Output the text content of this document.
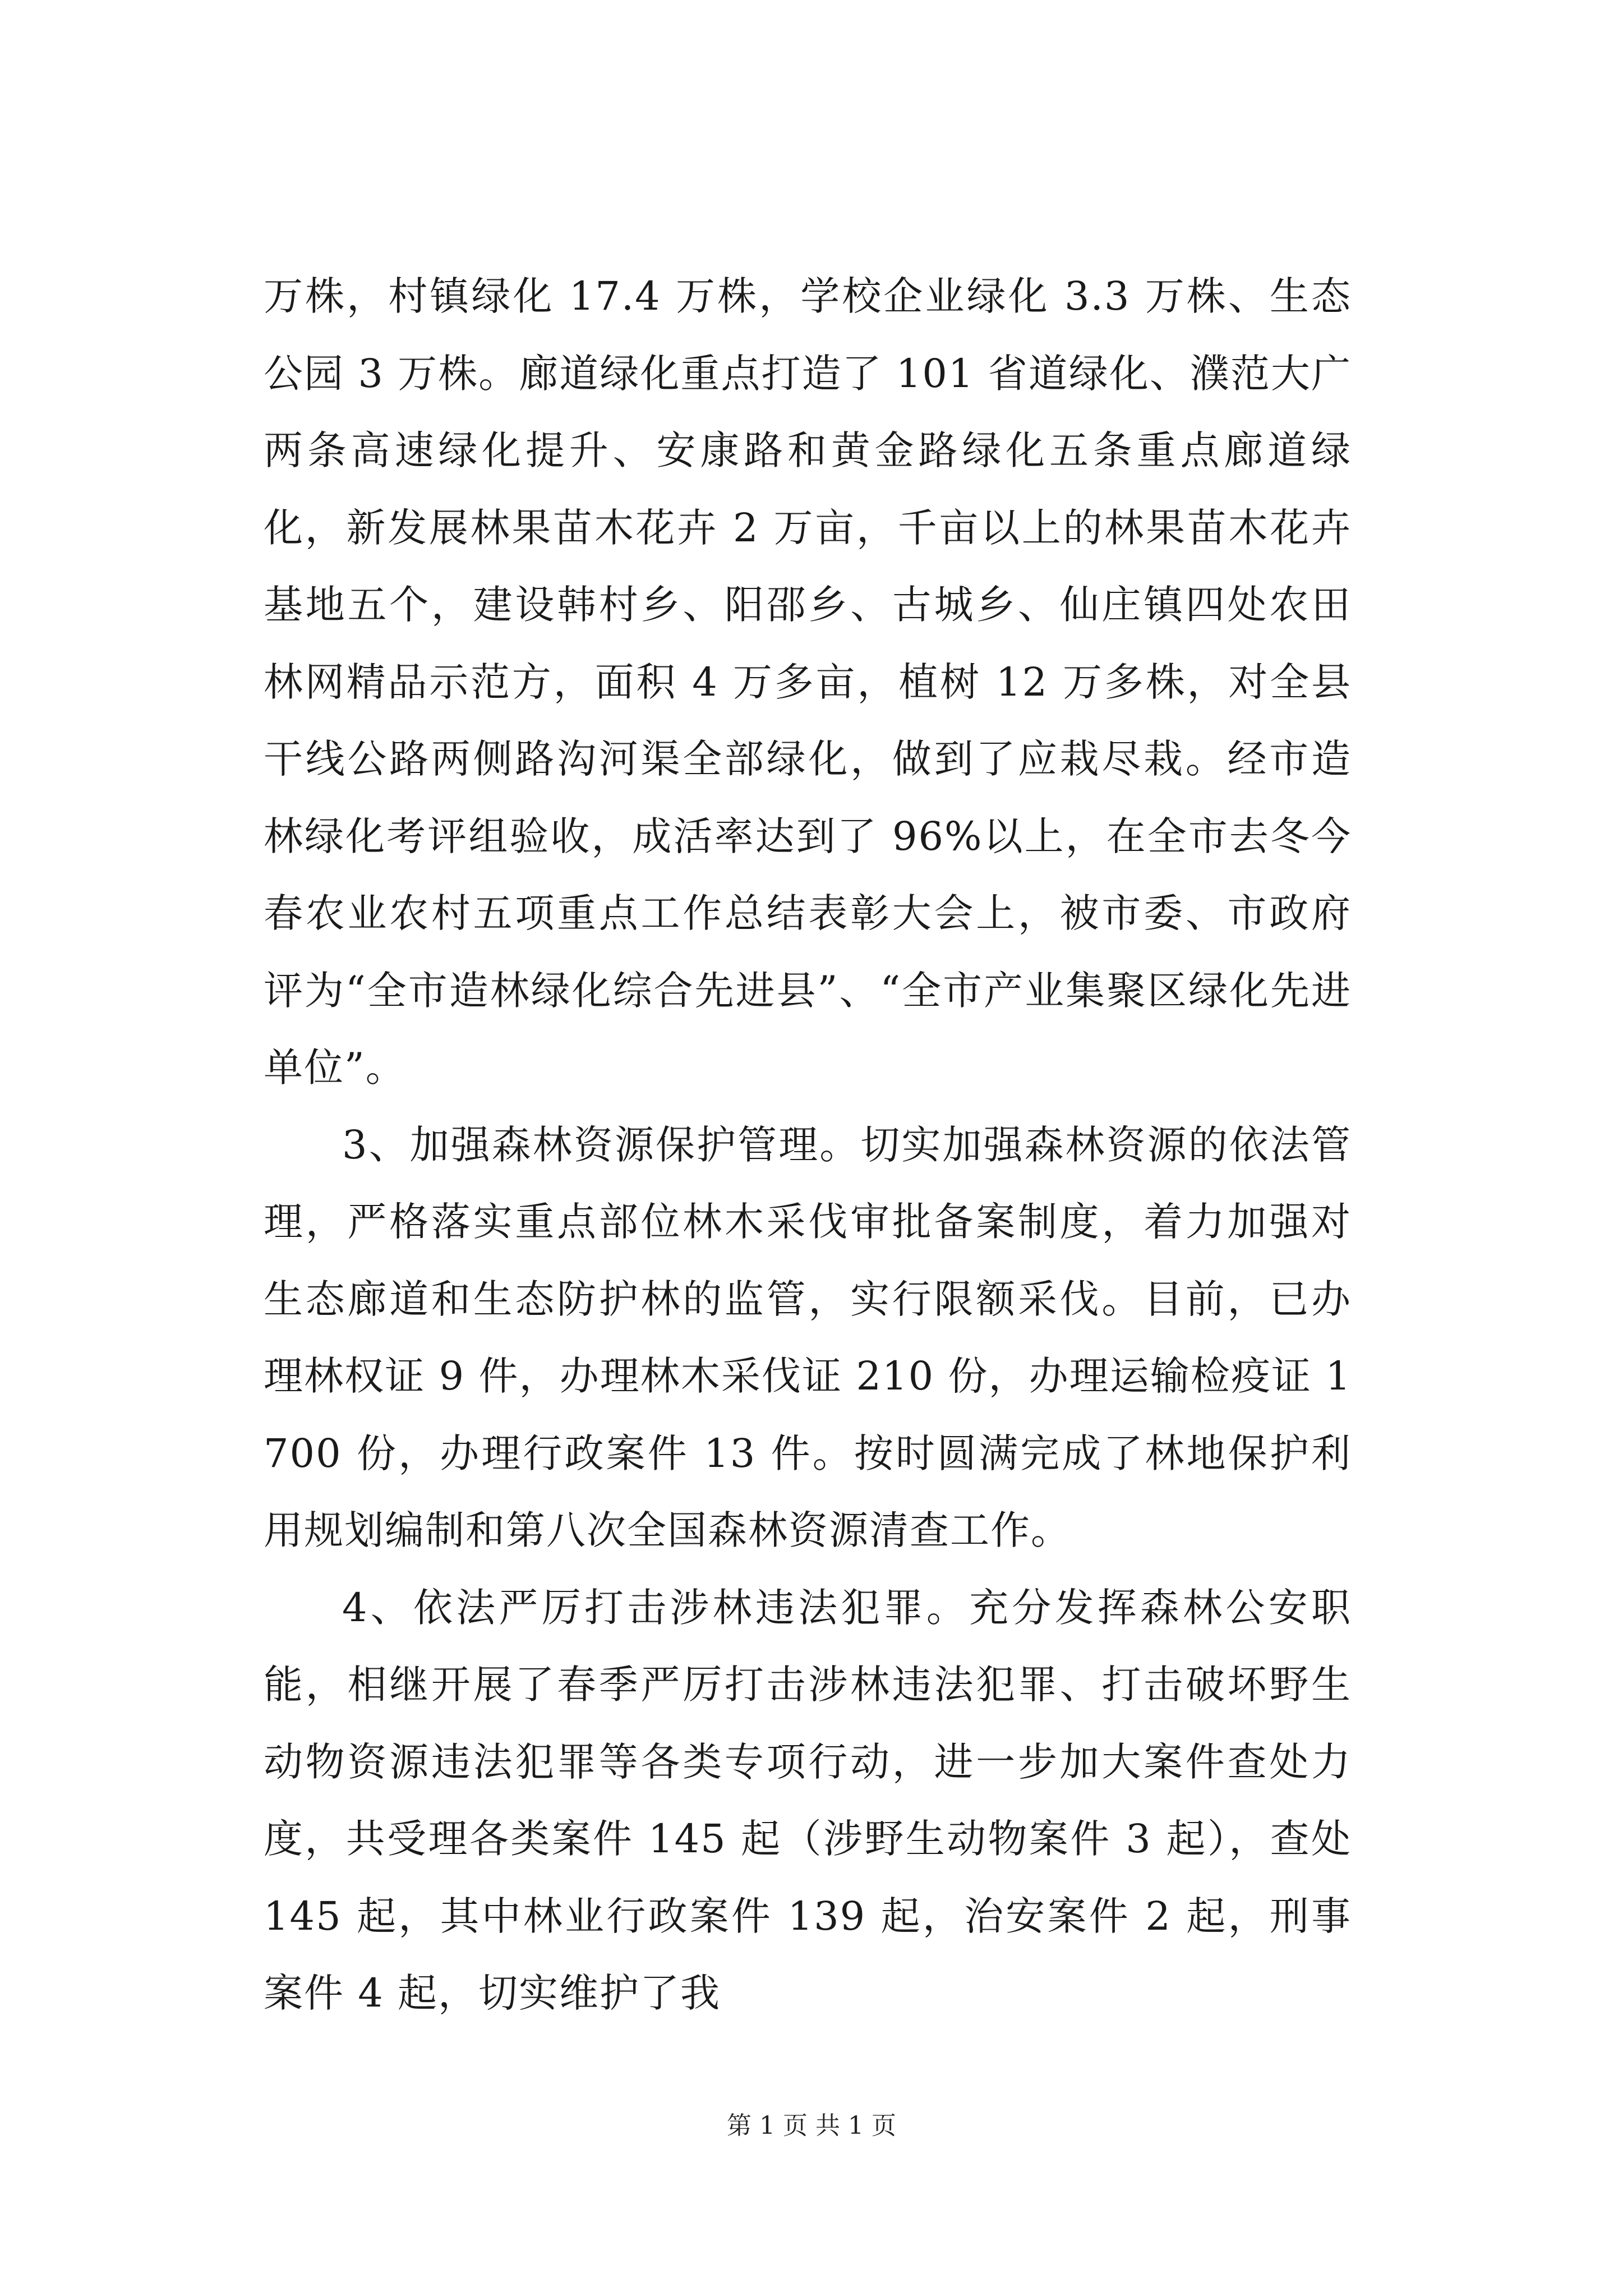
万株，村镇绿化 17.4 万株，学校企业绿化 3.3 万株、生态公园 3 万株。廊道绿化重点打造了 101 省道绿化、濮范大广两条高速绿化提升、安康路和黄金路绿化五条重点廊道绿化，新发展林果苗木花卉 2 万亩，千亩以上的林果苗木花卉基地五个，建设韩村乡、阳邵乡、古城乡、仙庄镇四处农田林网精品示范方，面积 4 万多亩，植树 12 万多株，对全县干线公路两侧路沟河渠全部绿化，做到了应栽尽栽。经市造林绿化考评组验收，成活率达到了 96%以上，在全市去冬今春农业农村五项重点工作总结表彰大会上，被市委、市政府评为“全市造林绿化综合先进县”、“全市产业集聚区绿化先进单位”。

3、加强森林资源保护管理。切实加强森林资源的依法管理，严格落实重点部位林木采伐审批备案制度，着力加强对生态廊道和生态防护林的监管，实行限额采伐。目前，已办理林权证 9 件，办理林木采伐证 210 份，办理运输检疫证 1700 份，办理行政案件 13 件。按时圆满完成了林地保护利用规划编制和第八次全国森林资源清查工作。

4、依法严厉打击涉林违法犯罪。充分发挥森林公安职能，相继开展了春季严厉打击涉林违法犯罪、打击破坏野生动物资源违法犯罪等各类专项行动，进一步加大案件查处力度，共受理各类案件 145 起（涉野生动物案件 3 起），查处 145 起，其中林业行政案件 139 起，治安案件 2 起，刑事案件 4 起，切实维护了我

第 1 页 共 1 页
